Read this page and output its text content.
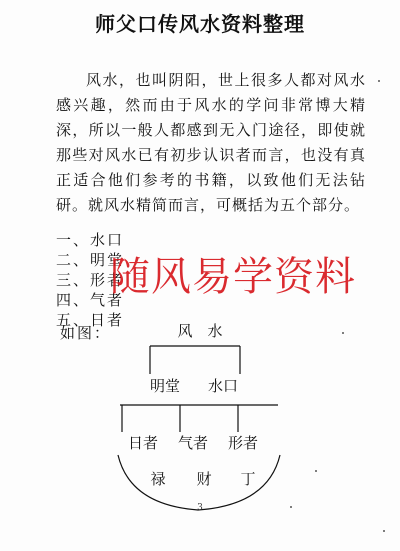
师父口传风水资料整理

风水，也叫阴阳，世上很多人都对风水感兴趣，然而由于风水的学问非常博大精深，所以一般人都感到无入门途径，即使就那些对风水已有初步认识者而言，也没有真正适合他们参考的书籍，以致他们无法钻研。就风水精简而言，可概括为五个部分。

一、水口
二、明堂
三、形者
四、气者
五、日者
如图：	风　水
明堂 水口
日者 气者 形者
禄 财 丁
随风易学资料
3
